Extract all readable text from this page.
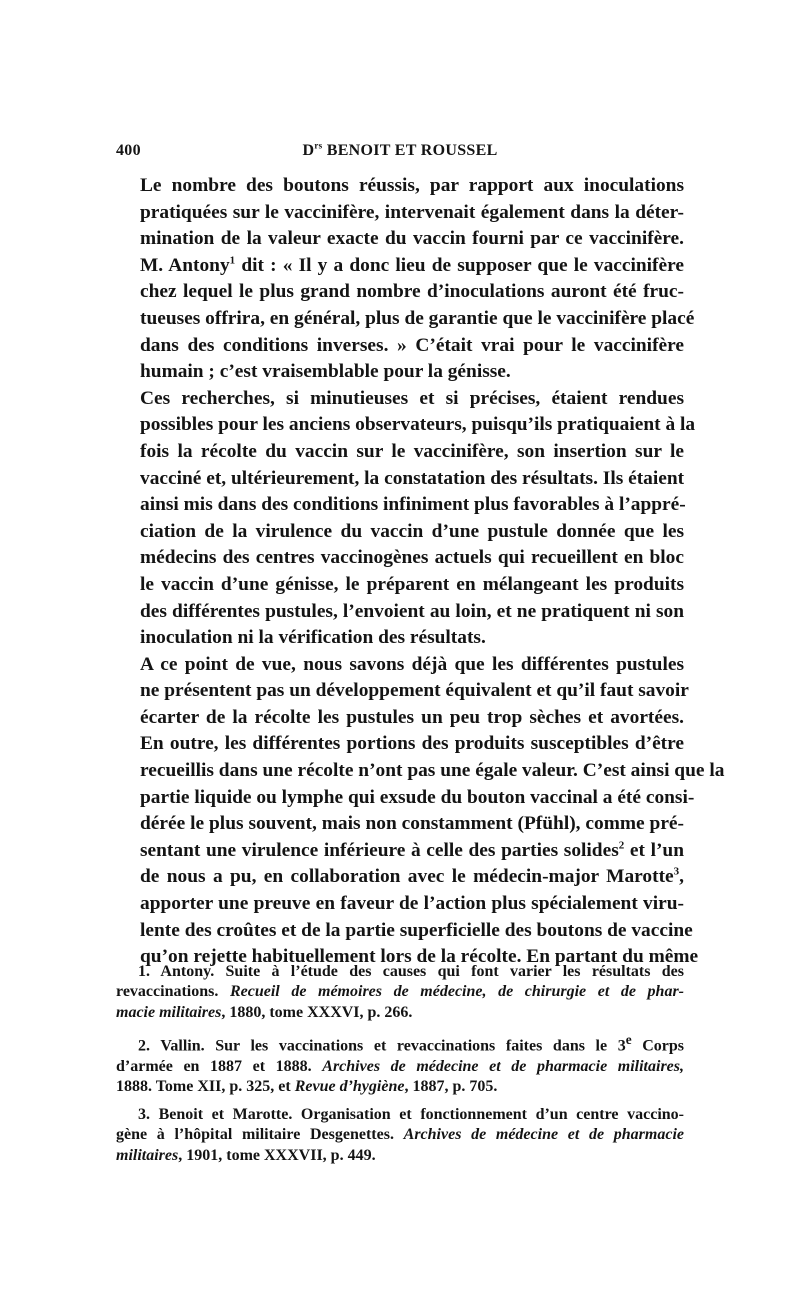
400	$D^{rs}$ BENOIT ET ROUSSEL
Le nombre des boutons réussis, par rapport aux inoculations
pratiquées sur le vaccinifère, intervenait également dans la déter-
mination de la valeur exacte du vaccin fourni par ce vaccinifère.
M. Antony$^1$ dit : « Il y a donc lieu de supposer que le vaccinifère
chez lequel le plus grand nombre d’inoculations auront été fruc-
tueuses offrira, en général, plus de garantie que le vaccinifère placé
dans des conditions inverses. » C’était vrai pour le vaccinifère
humain ; c’est vraisemblable pour la génisse.
Ces recherches, si minutieuses et si précises, étaient rendues
possibles pour les anciens observateurs, puisqu’ils pratiquaient à la
fois la récolte du vaccin sur le vaccinifère, son insertion sur le
vacciné et, ultérieurement, la constatation des résultats. Ils étaient
ainsi mis dans des conditions infiniment plus favorables à l’appré-
ciation de la virulence du vaccin d’une pustule donnée que les
médecins des centres vaccinogènes actuels qui recueillent en bloc
le vaccin d’une génisse, le préparent en mélangeant les produits
des différentes pustules, l’envoient au loin, et ne pratiquent ni son
inoculation ni la vérification des résultats.
A ce point de vue, nous savons déjà que les différentes pustules
ne présentent pas un développement équivalent et qu’il faut savoir
écarter de la récolte les pustules un peu trop sèches et avortées.
En outre, les différentes portions des produits susceptibles d’être
recueillis dans une récolte n’ont pas une égale valeur. C’est ainsi que la
partie liquide ou lymphe qui exsude du bouton vaccinal a été consi-
dérée le plus souvent, mais non constamment (Pfühl), comme pré-
sentant une virulence inférieure à celle des parties solides$^2$ et l’un
de nous a pu, en collaboration avec le médecin-major Marotte$^3$,
apporter une preuve en faveur de l’action plus spécialement viru-
lente des croûtes et de la partie superficielle des boutons de vaccine
qu’on rejette habituellement lors de la récolte. En partant du même
1. Antony. Suite à l’étude des causes qui font varier les résultats des
revaccinations. Recueil de mémoires de médecine, de chirurgie et de phar-
macie militaires, 1880, tome XXXVI, p. 266.
2. Vallin. Sur les vaccinations et revaccinations faites dans le 3e Corps
d’armée en 1887 et 1888. Archives de médecine et de pharmacie militaires,
1888. Tome XII, p. 325, et Revue d’hygiène, 1887, p. 705.
3. Benoit et Marotte. Organisation et fonctionnement d’un centre vaccino-
gène à l’hôpital militaire Desgenettes. Archives de médecine et de pharmacie
militaires, 1901, tome XXXVII, p. 449.
